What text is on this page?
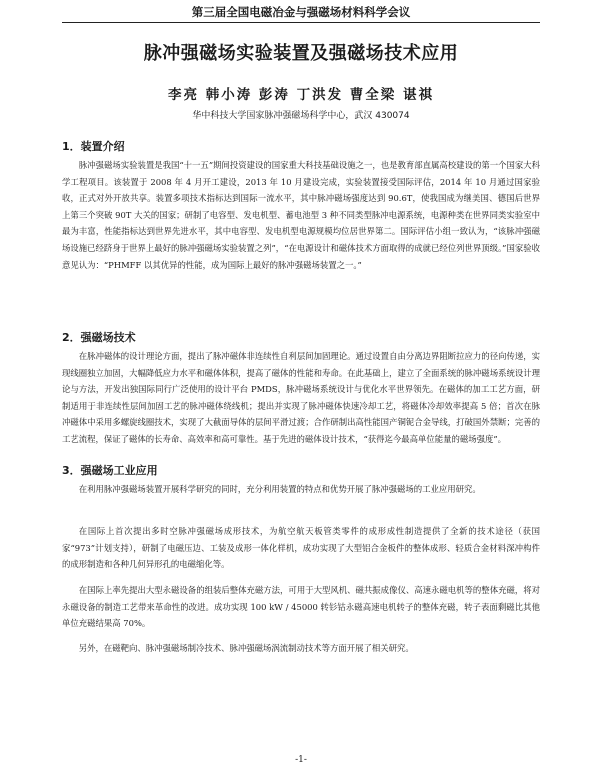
第三届全国电磁冶金与强磁场材料科学会议
脉冲强磁场实验装置及强磁场技术应用
李亮 韩小涛 彭涛 丁洪发 曹全梁 谌祺
华中科技大学国家脉冲强磁场科学中心，武汉 430074
1．装置介绍

脉冲强磁场实验装置是我国“十一五”期间投资建设的国家重大科技基础设施之一，也是教育部直属高校建设的第一个国家大科学工程项目。该装置于 2008 年 4 月开工建设，2013 年 10 月建设完成，实验装置接受国际评估，2014 年 10 月通过国家验收，正式对外开放共享。装置多项技术指标达到国际一流水平，其中脉冲磁场强度达到 90.6T，使我国成为继美国、德国后世界上第三个突破 90T 大关的国家；研制了电容型、发电机型、蓄电池型 3 种不同类型脉冲电源系统，电源种类在世界同类实验室中最为丰富，性能指标达到世界先进水平，其中电容型、发电机型电源规模均位居世界第二。国际评估小组一致认为，“该脉冲强磁场设施已经跻身于世界上最好的脉冲强磁场实验装置之列”，“在电源设计和磁体技术方面取得的成就已经位列世界顶级。”国家验收意见认为：“PHMFF 以其优异的性能，成为国际上最好的脉冲强磁场装置之一。”

2．强磁场技术

在脉冲磁体的设计理论方面，提出了脉冲磁体非连续性自利层间加固理论。通过设置自由分离边界阻断拉应力的径向传递，实现线圈独立加固，大幅降低应力水平和磁体体积，提高了磁体的性能和寿命。在此基础上，建立了全面系统的脉冲磁场系统设计理论与方法，开发出独国际同行广泛使用的设计平台 PMDS，脉冲磁场系统设计与优化水平世界领先。在磁体的加工工艺方面，研制适用于非连续性层间加固工艺的脉冲磁体绕线机；提出并实现了脉冲磁体快速冷却工艺，将磁体冷却效率提高 5 倍；首次在脉冲磁体中采用多螺旋线圈技术，实现了大截面导体的层间平滑过渡；合作研制出高性能国产铜铌合金导线，打破国外禁断；完善的工艺流程，保证了磁体的长寿命、高效率和高可靠性。基于先进的磁体设计技术，“获得迄今最高单位能量的磁场强度”。

3．强磁场工业应用

在利用脉冲强磁场装置开展科学研究的同时，充分利用装置的特点和优势开展了脉冲强磁场的工业应用研究。

在国际上首次提出多时空脉冲强磁场成形技术，为航空航天板管类零件的成形成性制造提供了全新的技术途径（获国家“973”计划支持），研制了电磁压边、工装及成形一体化样机，成功实现了大型铝合金板件的整体成形、轻质合金材料深冲构件的成形制造和各种几何异形孔的电磁缩化等。

在国际上率先提出大型永磁设备的组装后整体充磁方法，可用于大型风机、磁共振成像仪、高速永磁电机等的整体充磁，将对永磁设备的制造工艺带来革命性的改进。成功实现 100 kW / 45000 转钐钴永磁高速电机转子的整体充磁，转子表面剩磁比其他单位充磁结果高 70%。

另外，在磁靶向、脉冲强磁场制冷技术、脉冲强磁场涡流制动技术等方面开展了相关研究。

-1-
